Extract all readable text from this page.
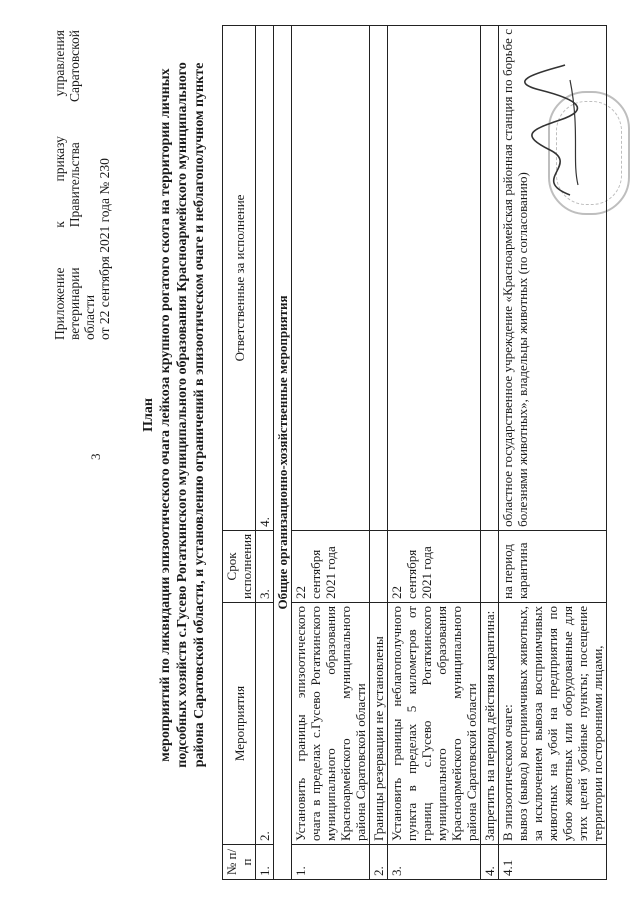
3
Приложение
к
приказу
управления
ветеринарии
Правительства
Саратовской
области от 22 сентября 2021 года № 230
План мероприятий по ликвидации эпизоотического очага лейкоза крупного рогатого скота на территории личных подсобных хозяйств с.Гусево Рогаткинского муниципального образования Красноармейского муниципального района Саратовской области, и установлению ограничений в эпизоотическом очаге и неблагополучном пункте
№ п/п	Мероприятия	Срок исполнения	Ответственные за исполнение
1.	2.	3.	4.
Общие организационно-хозяйственные мероприятия			
1.	Установить границы эпизоотического очага в пределах с.Гусево Рогаткинского муниципального образования Красноармейского муниципального района Саратовской области	22 сентября 2021 года	
2.	Границы резервации не установлены		
3.	Установить границы неблагополучного пункта в пределах 5 километров от границ с.Гусево Рогаткинского муниципального образования Красноармейского муниципального района Саратовской области	22 сентября 2021 года	
4.	Запретить на период действия карантина:		
4.1	В эпизоотическом очаге:
вывоз (вывод) восприимчивых животных, за исключением вывоза восприимчивых животных на убой на предприятия по убою животных или оборудованные для этих целей убойные пункты; посещение территории посторонними лицами,	на период карантина	областное государственное учреждение «Красноармейская районная станция по борьбе с болезнями животных», владельцы животных (по согласованию)
